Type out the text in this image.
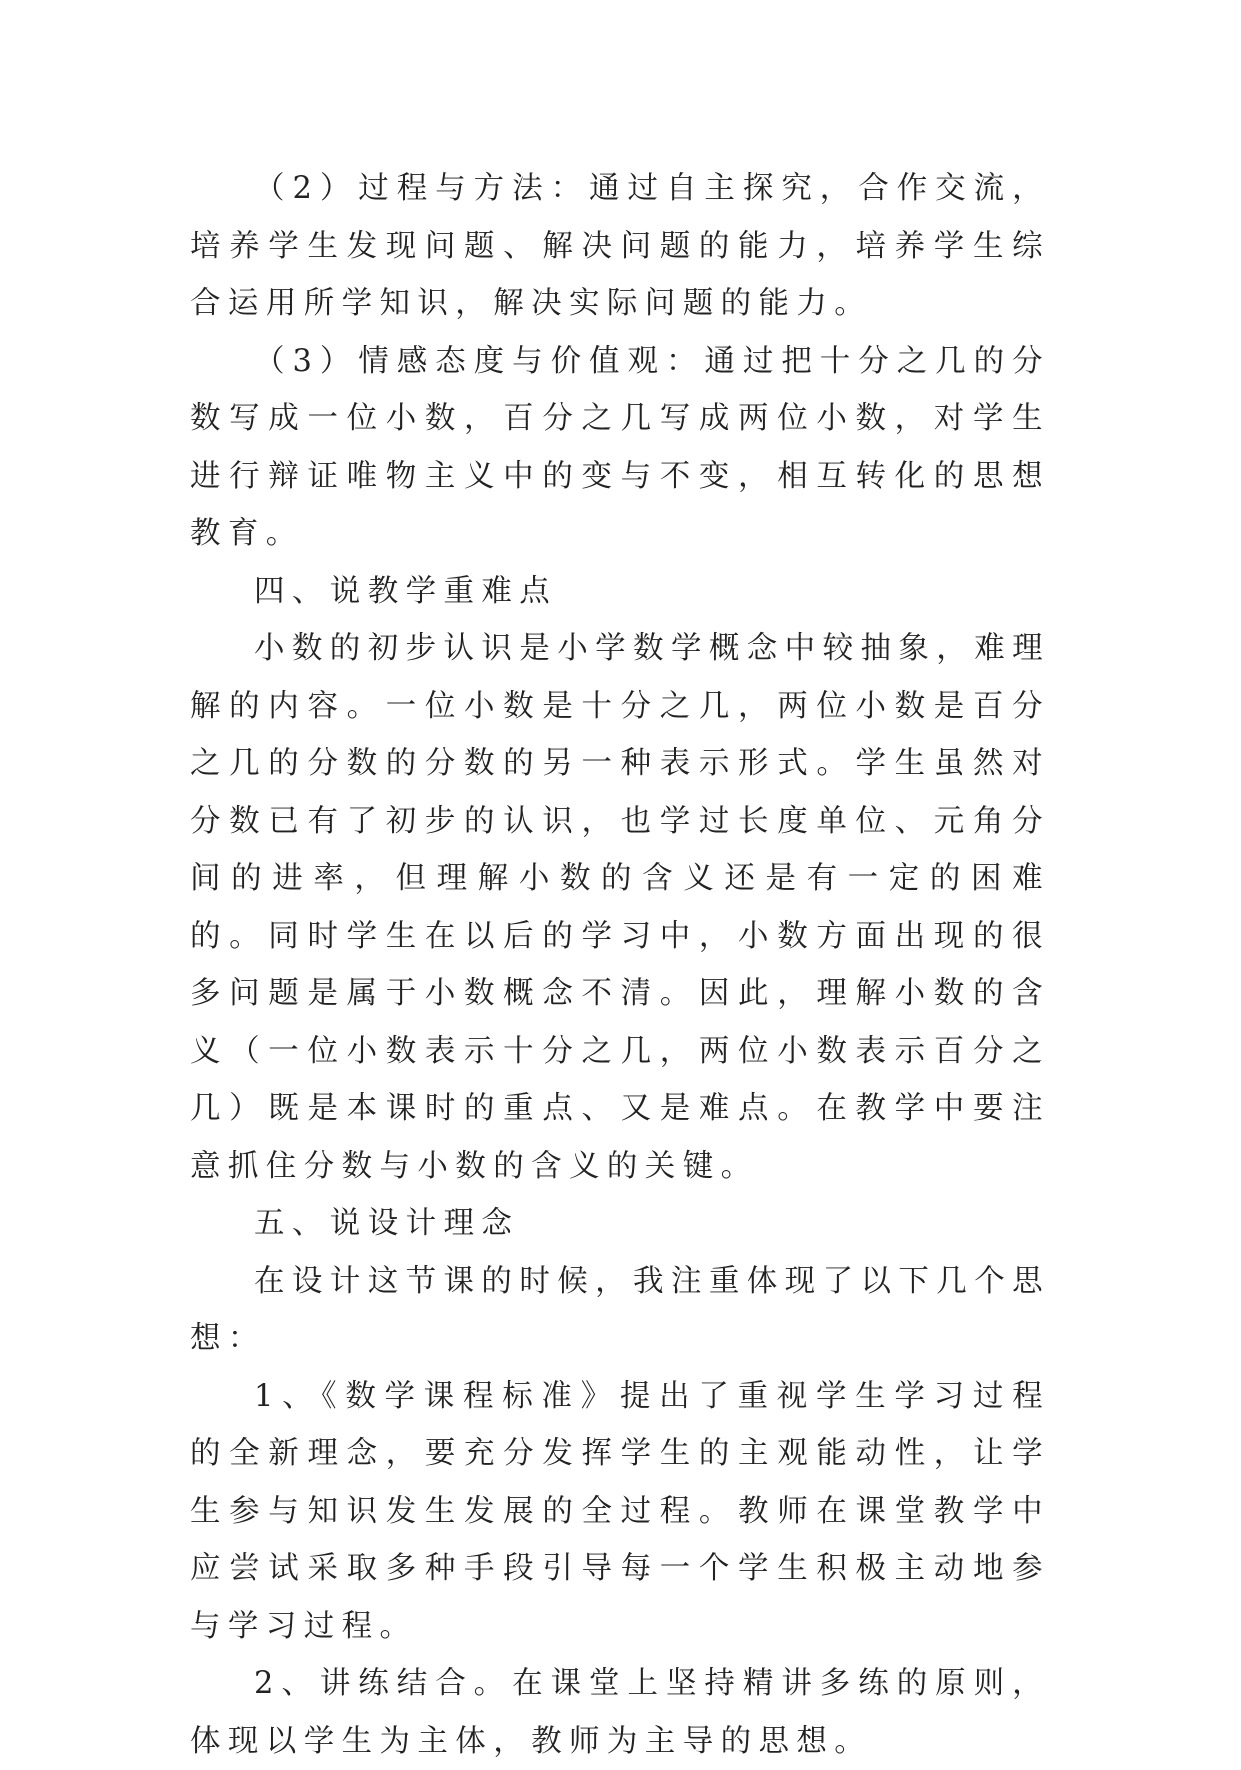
（2）过程与方法：通过自主探究，合作交流，培养学生发现问题、解决问题的能力，培养学生综合运用所学知识，解决实际问题的能力。

（3）情感态度与价值观：通过把十分之几的分数写成一位小数，百分之几写成两位小数，对学生进行辩证唯物主义中的变与不变，相互转化的思想教育。

四、说教学重难点

小数的初步认识是小学数学概念中较抽象，难理解的内容。一位小数是十分之几，两位小数是百分之几的分数的分数的另一种表示形式。学生虽然对分数已有了初步的认识，也学过长度单位、元角分间的进率，但理解小数的含义还是有一定的困难的。同时学生在以后的学习中，小数方面出现的很多问题是属于小数概念不清。因此，理解小数的含义（一位小数表示十分之几，两位小数表示百分之几）既是本课时的重点、又是难点。在教学中要注意抓住分数与小数的含义的关键。

五、说设计理念

在设计这节课的时候，我注重体现了以下几个思想：

1、《数学课程标准》提出了重视学生学习过程的全新理念，要充分发挥学生的主观能动性，让学生参与知识发生发展的全过程。教师在课堂教学中应尝试采取多种手段引导每一个学生积极主动地参与学习过程。

2、讲练结合。在课堂上坚持精讲多练的原则，体现以学生为主体，教师为主导的思想。
